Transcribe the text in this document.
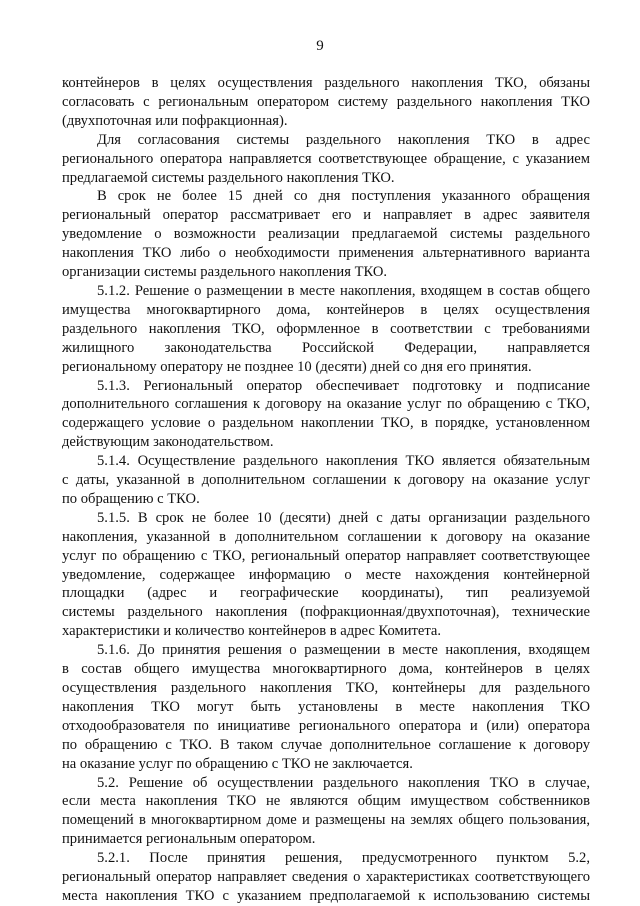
9

контейнеров в целях осуществления раздельного накопления ТКО, обязаны
согласовать с региональным оператором систему раздельного накопления ТКО
(двухпоточная или пофракционная).

Для согласования системы раздельного накопления ТКО в адрес
регионального оператора направляется соответствующее обращение, с указанием
предлагаемой системы раздельного накопления ТКО.

В срок не более 15 дней со дня поступления указанного обращения
региональный оператор рассматривает его и направляет в адрес заявителя
уведомление о возможности реализации предлагаемой системы раздельного
накопления ТКО либо о необходимости применения альтернативного варианта
организации системы раздельного накопления ТКО.

5.1.2. Решение о размещении в месте накопления, входящем в состав общего
имущества многоквартирного дома, контейнеров в целях осуществления
раздельного накопления ТКО, оформленное в соответствии с требованиями
жилищного законодательства Российской Федерации, направляется
региональному оператору не позднее 10 (десяти) дней со дня его принятия.

5.1.3. Региональный оператор обеспечивает подготовку и подписание
дополнительного соглашения к договору на оказание услуг по обращению с ТКО,
содержащего условие о раздельном накоплении ТКО, в порядке, установленном
действующим законодательством.

5.1.4. Осуществление раздельного накопления ТКО является обязательным
с даты, указанной в дополнительном соглашении к договору на оказание услуг
по обращению с ТКО.

5.1.5. В срок не более 10 (десяти) дней с даты организации раздельного
накопления, указанной в дополнительном соглашении к договору на оказание
услуг по обращению с ТКО, региональный оператор направляет соответствующее
уведомление, содержащее информацию о месте нахождения контейнерной
площадки (адрес и географические координаты), тип реализуемой
системы раздельного накопления (пофракционная/двухпоточная), технические
характеристики и количество контейнеров в адрес Комитета.

5.1.6. До принятия решения о размещении в месте накопления, входящем
в состав общего имущества многоквартирного дома, контейнеров в целях
осуществления раздельного накопления ТКО, контейнеры для раздельного
накопления ТКО могут быть установлены в месте накопления ТКО
отходообразователя по инициативе регионального оператора и (или) оператора
по обращению с ТКО. В таком случае дополнительное соглашение к договору
на оказание услуг по обращению с ТКО не заключается.

5.2. Решение об осуществлении раздельного накопления ТКО в случае,
если места накопления ТКО не являются общим имуществом собственников
помещений в многоквартирном доме и размещены на землях общего пользования,
принимается региональным оператором.

5.2.1. После принятия решения, предусмотренного пунктом 5.2,
региональный оператор направляет сведения о характеристиках соответствующего
места накопления ТКО с указанием предполагаемой к использованию системы
